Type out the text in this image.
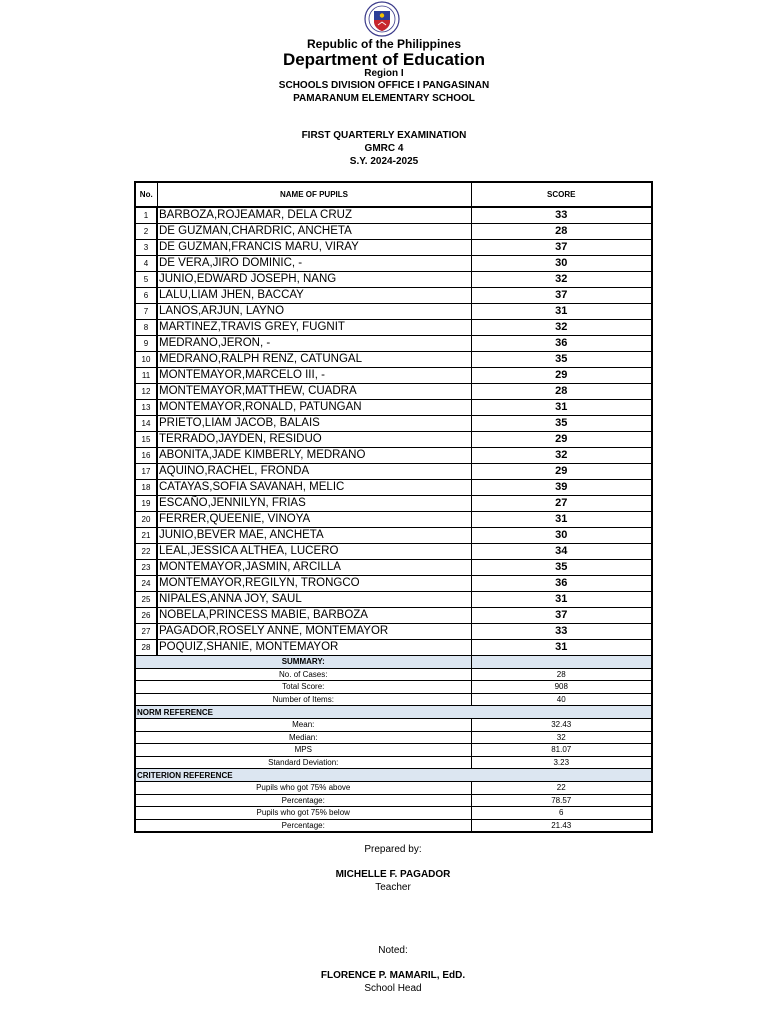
Republic of the Philippines
Department of Education
Region I
SCHOOLS DIVISION OFFICE I PANGASINAN
PAMARANUM ELEMENTARY SCHOOL
FIRST QUARTERLY EXAMINATION
GMRC 4
S.Y. 2024-2025
No.	NAME OF PUPILS	SCORE
1	BARBOZA,ROJEAMAR, DELA CRUZ	33
2	DE GUZMAN,CHARDRIC, ANCHETA	28
3	DE GUZMAN,FRANCIS MARU, VIRAY	37
4	DE VERA,JIRO DOMINIC, -	30
5	JUNIO,EDWARD JOSEPH, NANG	32
6	LALU,LIAM JHEN, BACCAY	37
7	LANOS,ARJUN, LAYNO	31
8	MARTINEZ,TRAVIS GREY, FUGNIT	32
9	MEDRANO,JERON, -	36
10	MEDRANO,RALPH RENZ, CATUNGAL	35
11	MONTEMAYOR,MARCELO III, -	29
12	MONTEMAYOR,MATTHEW, CUADRA	28
13	MONTEMAYOR,RONALD, PATUNGAN	31
14	PRIETO,LIAM JACOB, BALAIS	35
15	TERRADO,JAYDEN, RESIDUO	29
16	ABONITA,JADE KIMBERLY, MEDRANO	32
17	AQUINO,RACHEL, FRONDA	29
18	CATAYAS,SOFIA SAVANAH, MELIC	39
19	ESCAÑO,JENNILYN, FRIAS	27
20	FERRER,QUEENIE, VINOYA	31
21	JUNIO,BEVER MAE, ANCHETA	30
22	LEAL,JESSICA ALTHEA, LUCERO	34
23	MONTEMAYOR,JASMIN, ARCILLA	35
24	MONTEMAYOR,REGILYN, TRONGCO	36
25	NIPALES,ANNA JOY, SAUL	31
26	NOBELA,PRINCESS MABIE, BARBOZA	37
27	PAGADOR,ROSELY ANNE, MONTEMAYOR	33
28	POQUIZ,SHANIE, MONTEMAYOR	31
SUMMARY:		
No. of Cases:		28
Total Score:		908
Number of Items:		40
NORM REFERENCE		
Mean:		32.43
Median:		32
MPS		81.07
Standard Deviation:		3.23
CRITERION REFERENCE		
Pupils who got 75% above		22
Percentage:		78.57
Pupils who got 75% below		6
Percentage:		21.43
Prepared by:
MICHELLE F. PAGADOR
Teacher
Noted:
FLORENCE P. MAMARIL, EdD.
School Head
